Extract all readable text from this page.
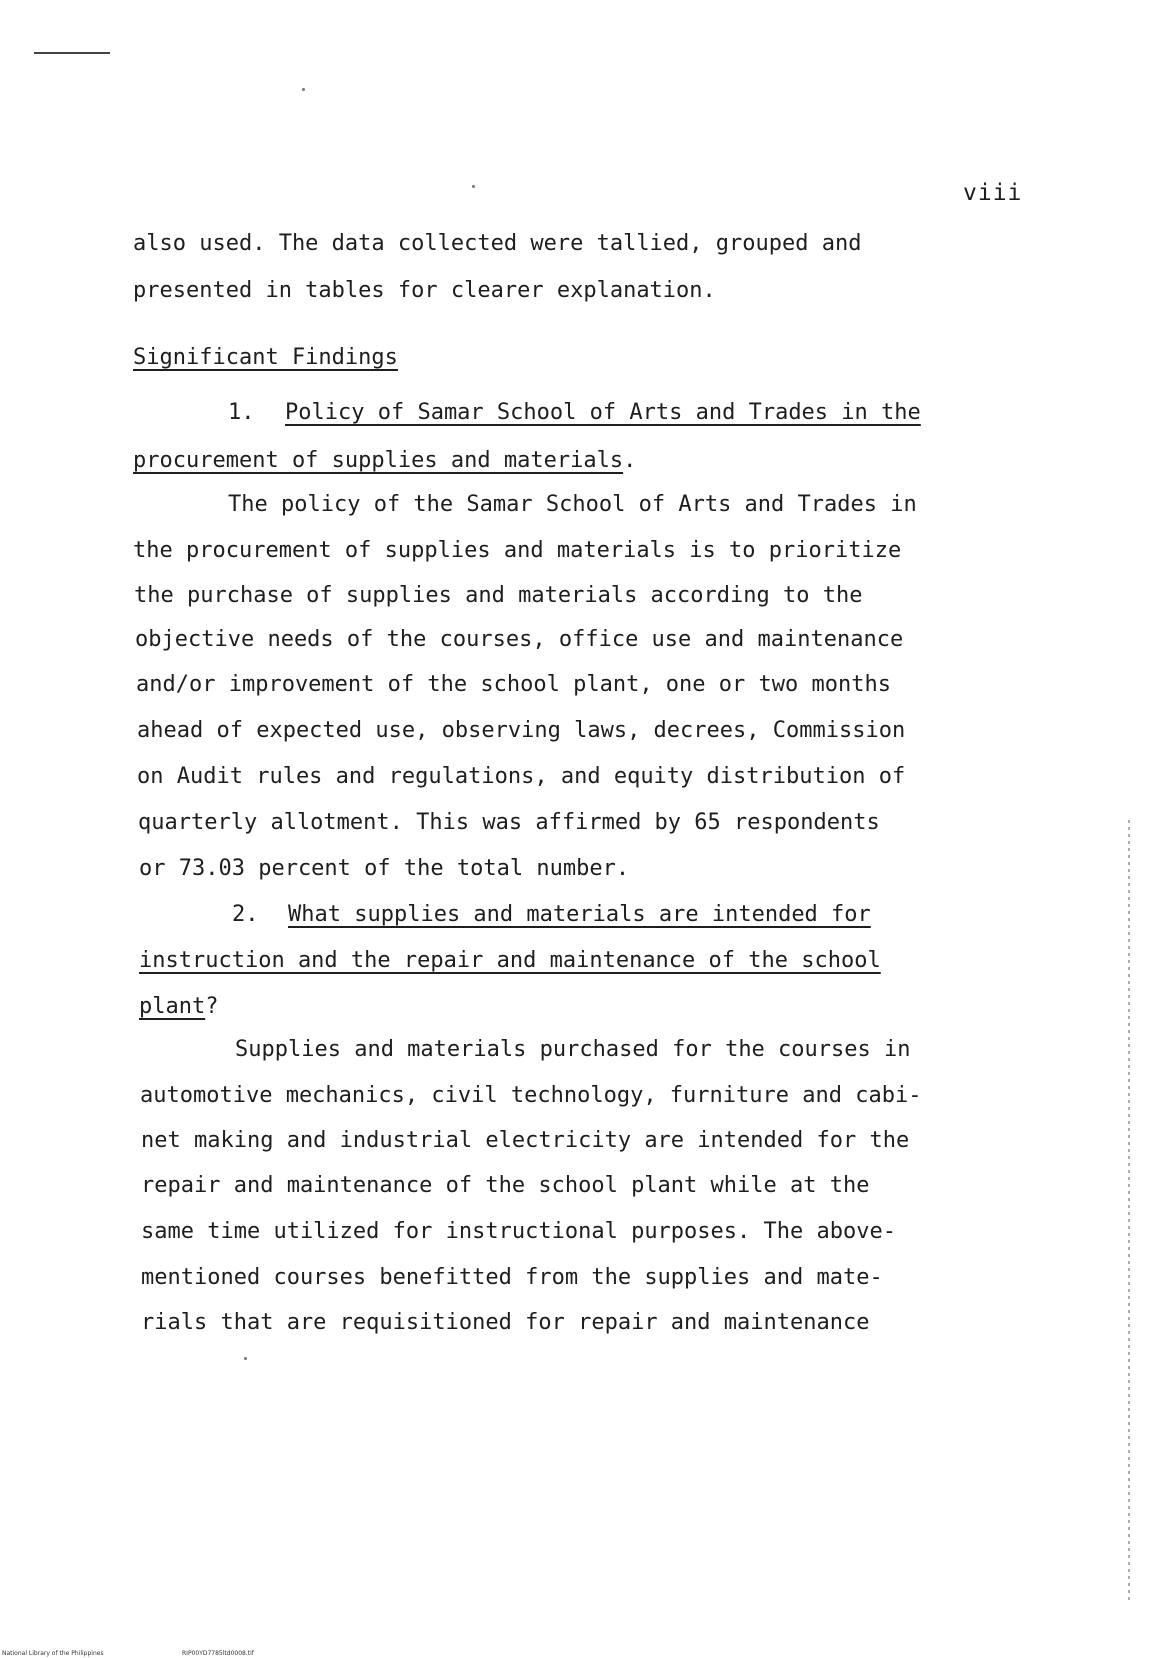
viii
also used. The data collected were tallied, grouped and
presented in tables for clearer explanation.
Significant Findings
1. Policy of Samar School of Arts and Trades in the
procurement of supplies and materials.
The policy of the Samar School of Arts and Trades in
the procurement of supplies and materials is to prioritize
the purchase of supplies and materials according to the
objective needs of the courses, office use and maintenance
and/or improvement of the school plant, one or two months
ahead of expected use, observing laws, decrees, Commission
on Audit rules and regulations, and equity distribution of
quarterly allotment. This was affirmed by 65 respondents
or 73.03 percent of the total number.
2. What supplies and materials are intended for
instruction and the repair and maintenance of the school
plant?
Supplies and materials purchased for the courses in
automotive mechanics, civil technology, furniture and cabi-
net making and industrial electricity are intended for the
repair and maintenance of the school plant while at the
same time utilized for instructional purposes. The above-
mentioned courses benefitted from the supplies and mate-
rials that are requisitioned for repair and maintenance
National Library of the Philippines	RIP00YD7785ltd0008.tif
